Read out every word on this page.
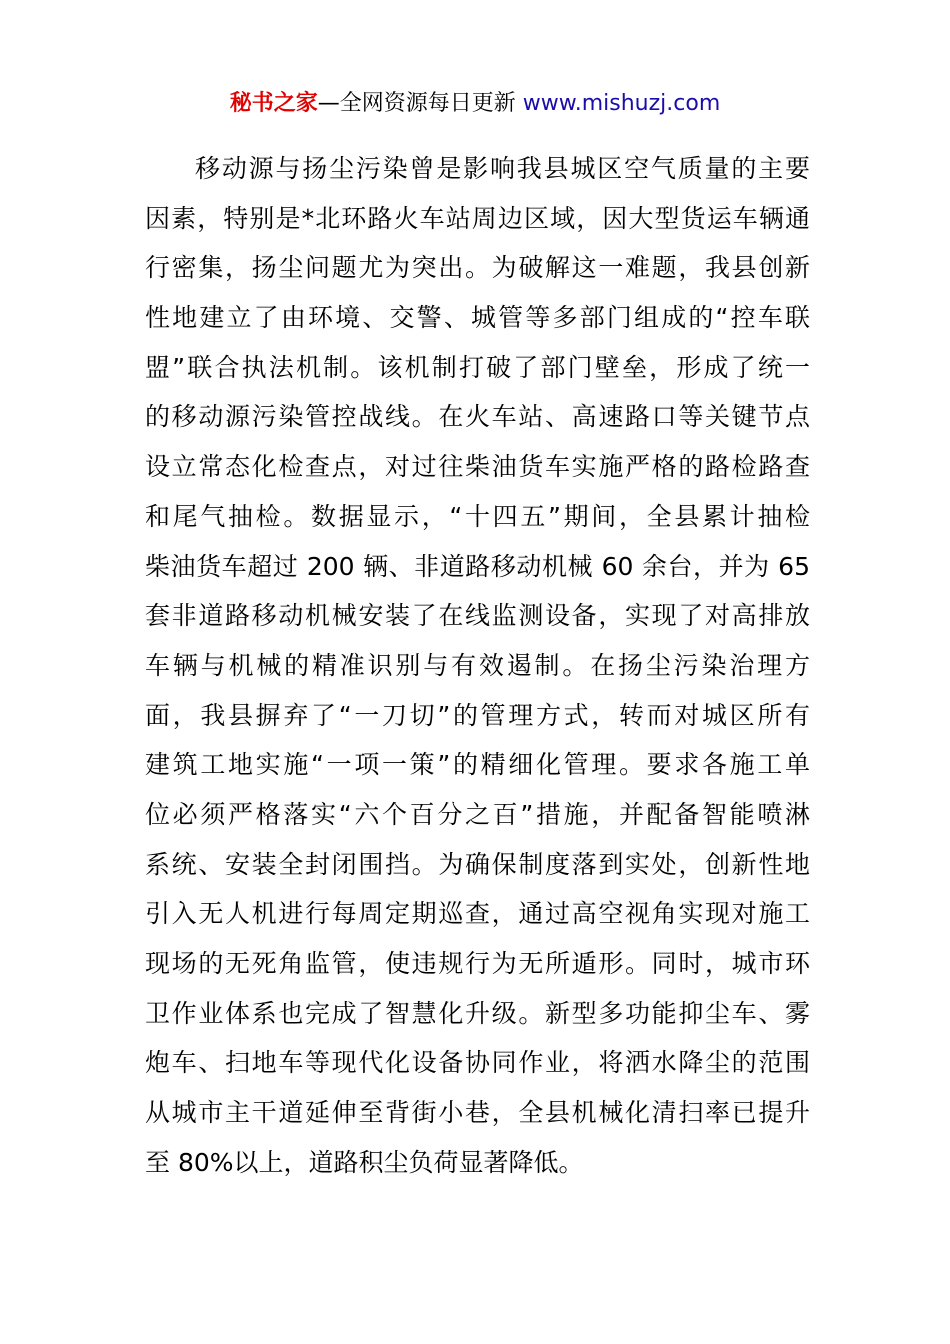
秘书之家—全网资源每日更新 www.mishuzj.com
移动源与扬尘污染曾是影响我县城区空气质量的主要
因素，特别是*北环路火车站周边区域，因大型货运车辆通
行密集，扬尘问题尤为突出。为破解这一难题，我县创新
性地建立了由环境、交警、城管等多部门组成的“控车联
盟”联合执法机制。该机制打破了部门壁垒，形成了统一
的移动源污染管控战线。在火车站、高速路口等关键节点
设立常态化检查点，对过往柴油货车实施严格的路检路查
和尾气抽检。数据显示，“十四五”期间，全县累计抽检
柴油货车超过 200 辆、非道路移动机械 60 余台，并为 65
套非道路移动机械安装了在线监测设备，实现了对高排放
车辆与机械的精准识别与有效遏制。在扬尘污染治理方
面，我县摒弃了“一刀切”的管理方式，转而对城区所有
建筑工地实施“一项一策”的精细化管理。要求各施工单
位必须严格落实“六个百分之百”措施，并配备智能喷淋
系统、安装全封闭围挡。为确保制度落到实处，创新性地
引入无人机进行每周定期巡查，通过高空视角实现对施工
现场的无死角监管，使违规行为无所遁形。同时，城市环
卫作业体系也完成了智慧化升级。新型多功能抑尘车、雾
炮车、扫地车等现代化设备协同作业，将洒水降尘的范围
从城市主干道延伸至背街小巷，全县机械化清扫率已提升
至 80%以上，道路积尘负荷显著降低。
